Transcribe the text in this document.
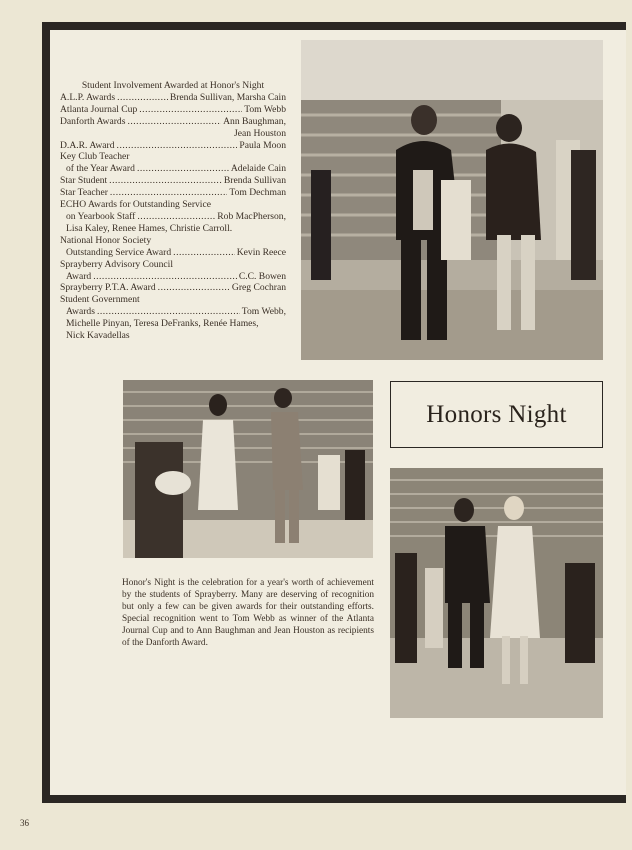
Student Involvement Awarded at Honor's Night
A.L.P. Awards .....	Brenda Sullivan, Marsha Cain
Atlanta Journal Cup .....	Tom Webb
Danforth Awards .....	Ann Baughman,
Jean Houston
D.A.R. Award .....	Paula Moon
Key Club Teacher
of the Year Award .....	Adelaide Cain
Star Student .....	Brenda Sullivan
Star Teacher .....	Tom Dechman
ECHO Awards for Outstanding Service
on Yearbook Staff .....	Rob MacPherson,
Lisa Kaley, Renee Hames, Christie Carroll.
National Honor Society
Outstanding Service Award .....	Kevin Reece
Sprayberry Advisory Council
Award .....	C.C. Bowen
Sprayberry P.T.A. Award .....	Greg Cochran
Student Government
Awards .....	Tom Webb,
Michelle Pinyan, Teresa DeFranks, Renée Hames,
Nick Kavadellas
Honors Night
Honor's Night is the celebration for a year's worth of achievement by the students of Sprayberry. Many are deserving of recognition but only a few can be given awards for their outstanding efforts. Special recognition went to Tom Webb as winner of the Atlanta Journal Cup and to Ann Baughman and Jean Houston as recipients of the Danforth Award.
36
